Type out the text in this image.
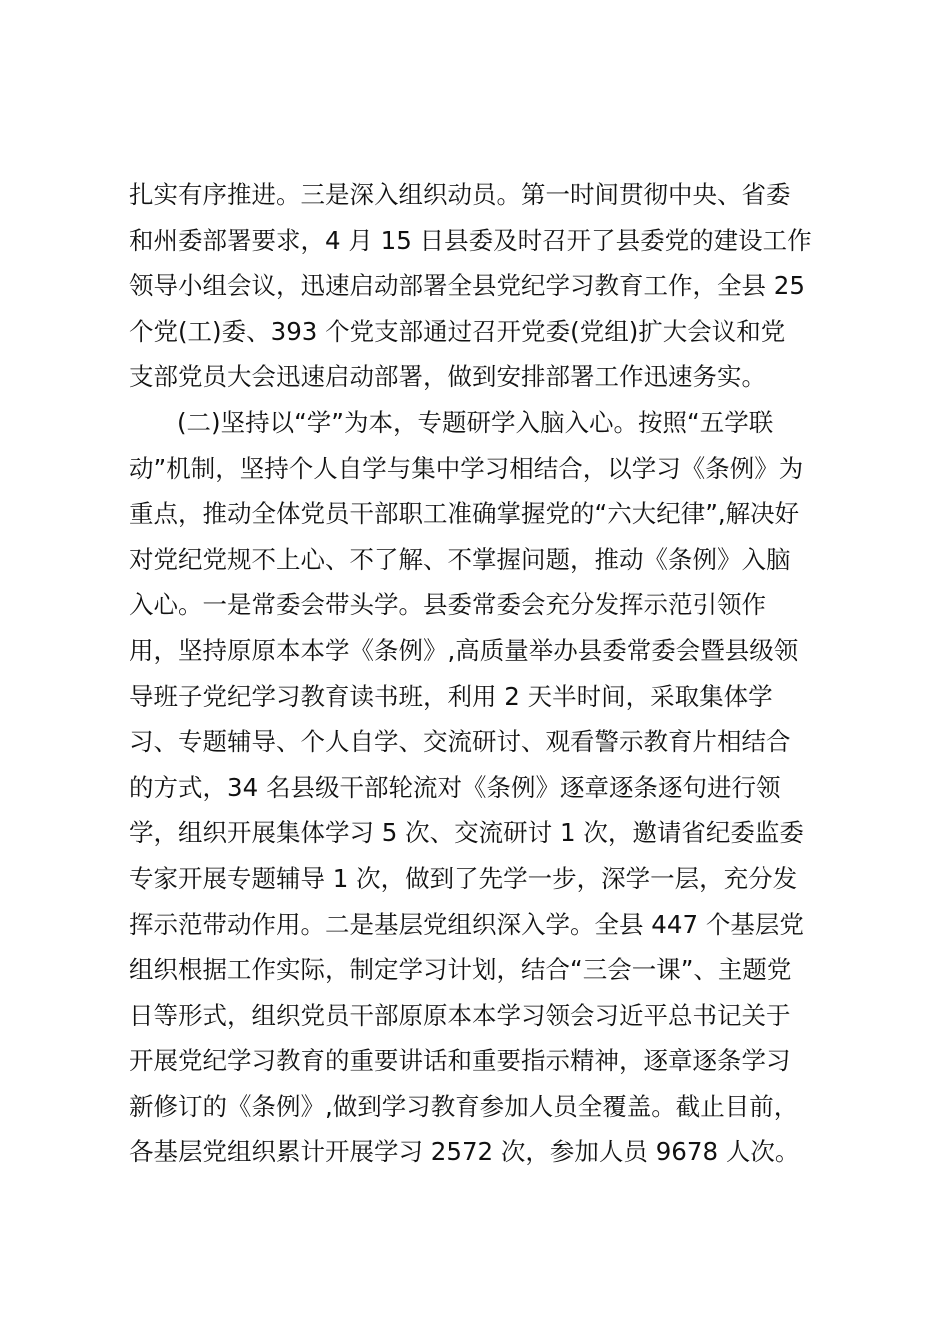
扎实有序推进。三是深入组织动员。第一时间贯彻中央、省委
和州委部署要求，4 月 15 日县委及时召开了县委党的建设工作
领导小组会议，迅速启动部署全县党纪学习教育工作，全县 25
个党(工)委、393 个党支部通过召开党委(党组)扩大会议和党
支部党员大会迅速启动部署，做到安排部署工作迅速务实。
(二)坚持以“学”为本，专题研学入脑入心。按照“五学联
动”机制，坚持个人自学与集中学习相结合，以学习《条例》为
重点，推动全体党员干部职工准确掌握党的“六大纪律”,解决好
对党纪党规不上心、不了解、不掌握问题，推动《条例》入脑
入心。一是常委会带头学。县委常委会充分发挥示范引领作
用，坚持原原本本学《条例》,高质量举办县委常委会暨县级领
导班子党纪学习教育读书班，利用 2 天半时间，采取集体学
习、专题辅导、个人自学、交流研讨、观看警示教育片相结合
的方式，34 名县级干部轮流对《条例》逐章逐条逐句进行领
学，组织开展集体学习 5 次、交流研讨 1 次，邀请省纪委监委
专家开展专题辅导 1 次，做到了先学一步，深学一层，充分发
挥示范带动作用。二是基层党组织深入学。全县 447 个基层党
组织根据工作实际，制定学习计划，结合“三会一课”、主题党
日等形式，组织党员干部原原本本学习领会习近平总书记关于
开展党纪学习教育的重要讲话和重要指示精神，逐章逐条学习
新修订的《条例》,做到学习教育参加人员全覆盖。截止目前，
各基层党组织累计开展学习 2572 次，参加人员 9678 人次。
